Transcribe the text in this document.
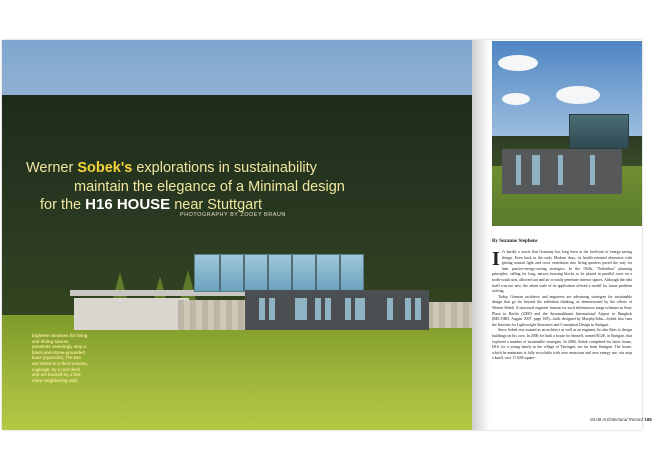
Werner Sobek's explorations in sustainability
maintain the elegance of a Minimal design
for the H16 HOUSE near Stuttgart
PHOTOGRAPHY BY ZOOEY BRAUN
Eighteen windows for living and dining spaces penetrate seemingly atop a black-and-stone-grounded base (opposite). The two are linked to a third volume, a garage, by a roof deck and are backed by a five-story neighboring wall.
By Suzanne Stephens

It's hardly a secret that Germany has long been at the forefront of energy-saving design. Even back in the early Modern days, its health-oriented obsession with getting natural light and cross ventilation into living quarters paved the way for later passive-energy-saving strategies. In the 1920s, "Zeilenbau" planning principles, calling for long, narrow housing blocks to be placed in parallel rows on a north-south axis, allowed sun and air to easily penetrate interior spaces. Although the idea itself was not new, the urban scale of its application offered a model for future problem solving.

Today, German architects and engineers are advancing strategies for sustainable design that go far beyond the zeilenbau thinking, as demonstrated by the efforts of Werner Sobek. A structural engineer famous for such adventurous mega-schemes as Sony Plaza in Berlin (2000) and the Suvarnabhumi International Airport in Bangkok (RECORD, August 2007, page 108)—both designed by Murphy/Jahn—Sobek also runs the Institute for Lightweight Structures and Conceptual Design in Stuttgart.

Since Sobek was trained as an architect as well as an engineer, he also likes to design buildings on his own. In 2000, he built a house for himself, named R128, in Stuttgart, that explored a number of sustainable strategies. In 2006, Sobek completed his latest house, H16, for a young family in the village of Tieringen, not far from Stuttgart. The house, which he maintains is fully recyclable with zero emissions and zero energy use, sits atop a knoll, on a 17,028-square-

04.08 Architectural Record 185
